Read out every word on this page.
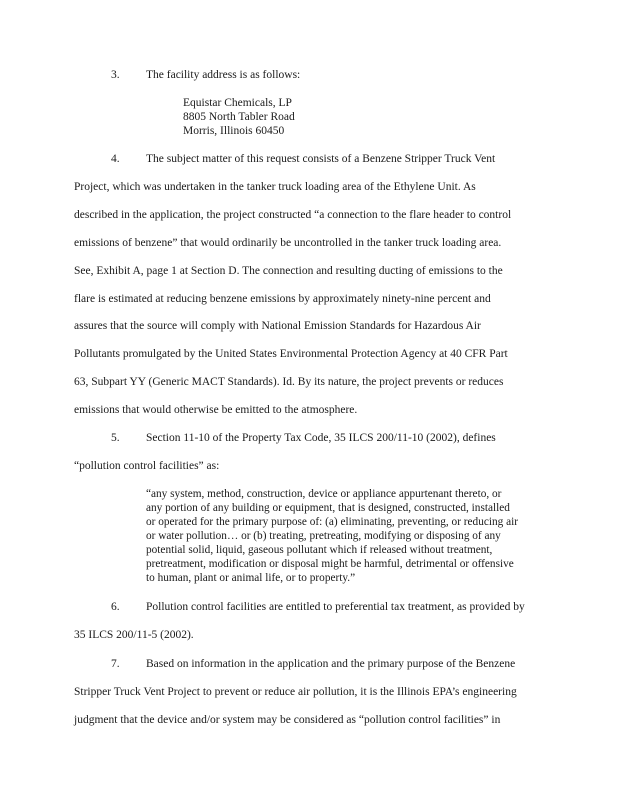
3. The facility address is as follows:
Equistar Chemicals, LP
8805 North Tabler Road
Morris, Illinois 60450
4. The subject matter of this request consists of a Benzene Stripper Truck Vent
Project, which was undertaken in the tanker truck loading area of the Ethylene Unit. As
described in the application, the project constructed “a connection to the flare header to control
emissions of benzene” that would ordinarily be uncontrolled in the tanker truck loading area.
See, Exhibit A, page 1 at Section D. The connection and resulting ducting of emissions to the
flare is estimated at reducing benzene emissions by approximately ninety-nine percent and
assures that the source will comply with National Emission Standards for Hazardous Air
Pollutants promulgated by the United States Environmental Protection Agency at 40 CFR Part
63, Subpart YY (Generic MACT Standards). Id. By its nature, the project prevents or reduces
emissions that would otherwise be emitted to the atmosphere.
5. Section 11-10 of the Property Tax Code, 35 ILCS 200/11-10 (2002), defines
“pollution control facilities” as:
“any system, method, construction, device or appliance appurtenant thereto, or
any portion of any building or equipment, that is designed, constructed, installed
or operated for the primary purpose of: (a) eliminating, preventing, or reducing air
or water pollution… or (b) treating, pretreating, modifying or disposing of any
potential solid, liquid, gaseous pollutant which if released without treatment,
pretreatment, modification or disposal might be harmful, detrimental or offensive
to human, plant or animal life, or to property.”
6. Pollution control facilities are entitled to preferential tax treatment, as provided by
35 ILCS 200/11-5 (2002).
7. Based on information in the application and the primary purpose of the Benzene
Stripper Truck Vent Project to prevent or reduce air pollution, it is the Illinois EPA’s engineering
judgment that the device and/or system may be considered as “pollution control facilities” in
